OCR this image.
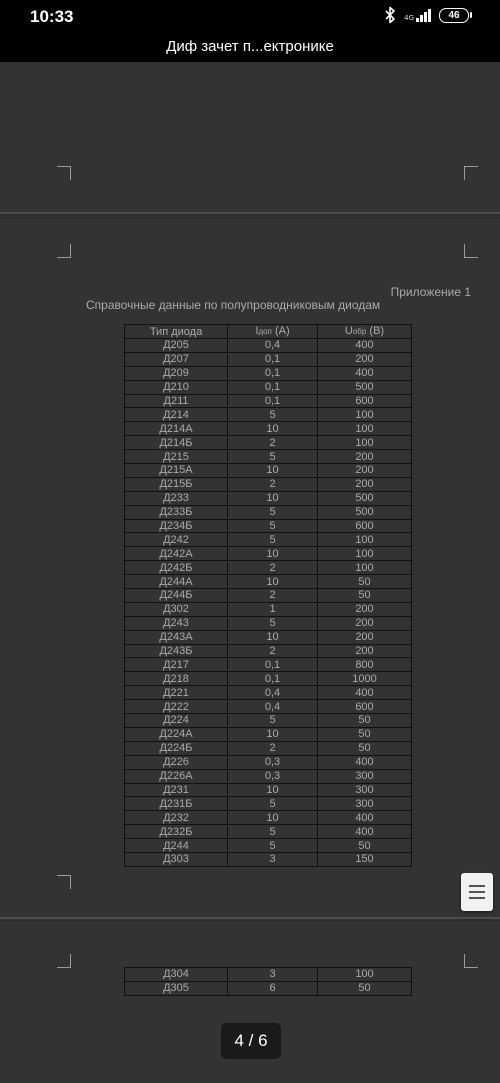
10:33	4G	46
Диф зачет п...ектронике
Приложение 1
Справочные данные по полупроводниковым диодам
Тип диода	Iдоп (A)	Uобр (В)
Д205	0,4	400
Д207	0,1	200
Д209	0,1	400
Д210	0,1	500
Д211	0,1	600
Д214	5	100
Д214А	10	100
Д214Б	2	100
Д215	5	200
Д215А	10	200
Д215Б	2	200
Д233	10	500
Д233Б	5	500
Д234Б	5	600
Д242	5	100
Д242А	10	100
Д242Б	2	100
Д244А	10	50
Д244Б	2	50
Д302	1	200
Д243	5	200
Д243А	10	200
Д243Б	2	200
Д217	0,1	800
Д218	0,1	1000
Д221	0,4	400
Д222	0,4	600
Д224	5	50
Д224А	10	50
Д224Б	2	50
Д226	0,3	400
Д226А	0,3	300
Д231	10	300
Д231Б	5	300
Д232	10	400
Д232Б	5	400
Д244	5	50
Д303	3	150
Д304	3	100
Д305	6	50
4 / 6
